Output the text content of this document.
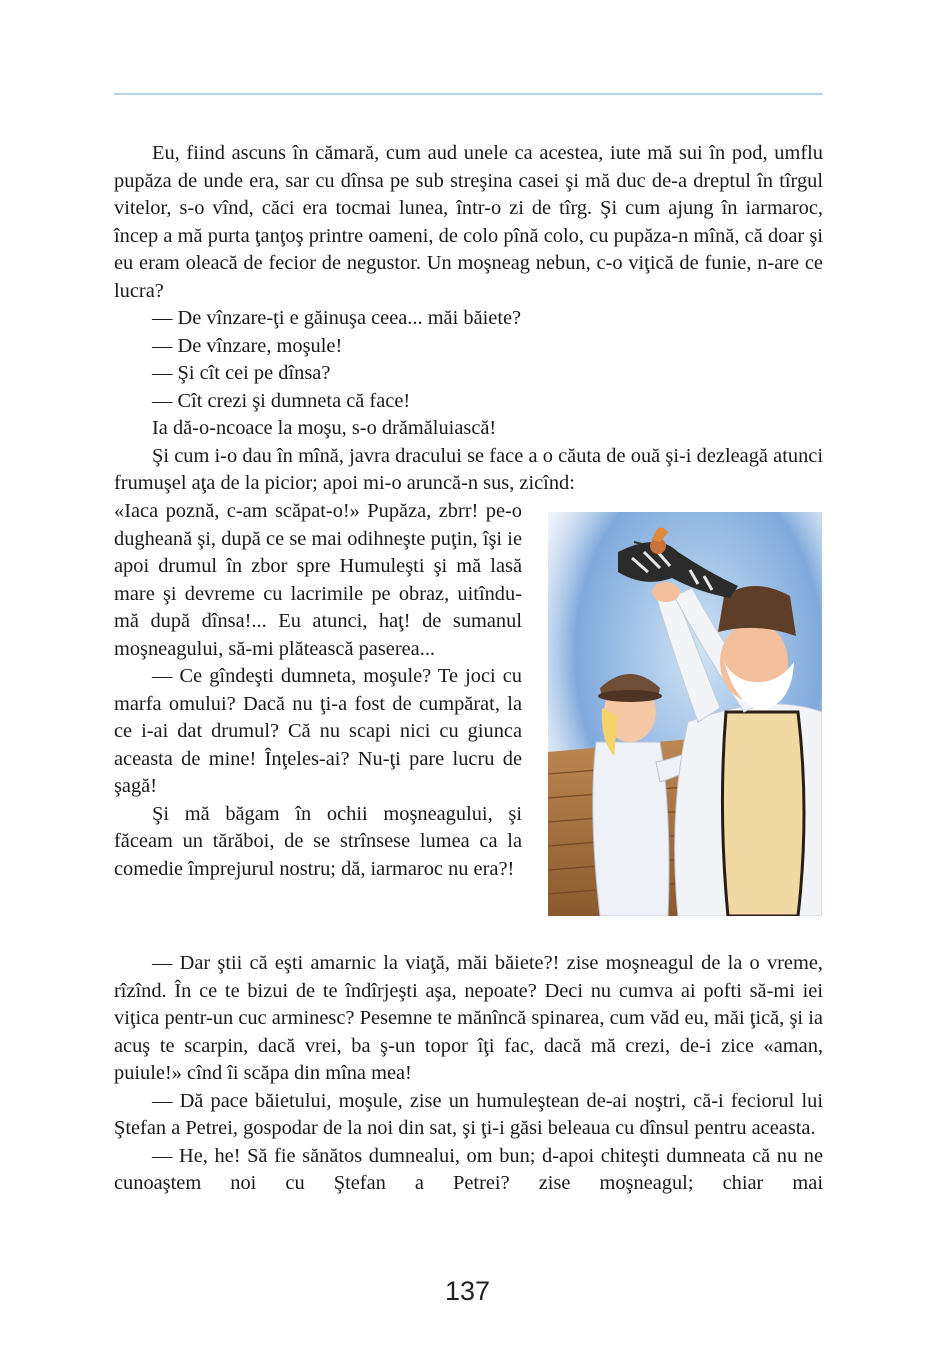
Eu, fiind ascuns în cămară, cum aud unele ca acestea, iute mă sui în pod, umflu pupăza de unde era, sar cu dînsa pe sub streşina casei şi mă duc de-a dreptul în tîrgul vitelor, s-o vînd, căci era tocmai lunea, într-o zi de tîrg. Şi cum ajung în iarmaroc, încep a mă purta ţanţoş printre oameni, de colo pînă colo, cu pupăza-n mînă, că doar şi eu eram oleacă de fecior de negustor. Un moşneag nebun, c-o viţică de funie, n-are ce lucra?

— De vînzare-ţi e găinuşa ceea... măi băiete?

— De vînzare, moşule!

— Şi cît cei pe dînsa?

— Cît crezi şi dumneta că face!

Ia dă-o-ncoace la moşu, s-o drămăluiască!

Şi cum i-o dau în mînă, javra dracului se face a o căuta de ouă şi-i dezleagă atunci frumuşel aţa de la picior; apoi mi-o aruncă-n sus, zicînd:

«Iaca poznă, c-am scăpat-o!» Pupăza, zbrr! pe-o dugheană şi, după ce se mai odihneşte puţin, îşi ie apoi drumul în zbor spre Humuleşti şi mă lasă mare şi devreme cu lacrimile pe obraz, uitîndu-mă după dînsa!... Eu atunci, haţ! de sumanul moşneagului, să-mi plătească paserea...

— Ce gîndeşti dumneta, moşule? Te joci cu marfa omului? Dacă nu ţi-a fost de cumpărat, la ce i-ai dat drumul? Că nu scapi nici cu giunca aceasta de mine! Înţeles-ai? Nu-ţi pare lucru de şagă!

Şi mă băgam în ochii moşneagului, şi făceam un tărăboi, de se strînsese lumea ca la comedie împrejurul nostru; dă, iarmaroc nu era?!

— Dar ştii că eşti amarnic la viaţă, măi băiete?! zise moşneagul de la o vreme, rîzînd. În ce te bizui de te îndîrjeşti aşa, nepoate? Deci nu cumva ai pofti să-mi iei viţica pentr-un cuc arminesc? Pesemne te mănîncă spinarea, cum văd eu, măi ţică, şi ia acuş te scarpin, dacă vrei, ba ş-un topor îţi fac, dacă mă crezi, de-i zice «aman, puiule!» cînd îi scăpa din mîna mea!

— Dă pace băietului, moşule, zise un humuleştean de-ai noştri, că-i feciorul lui Ştefan a Petrei, gospodar de la noi din sat, şi ţi-i găsi beleaua cu dînsul pentru aceasta.

— He, he! Să fie sănătos dumnealui, om bun; d-apoi chiteşti dumneata că nu ne cunoaştem noi cu Ştefan a Petrei? zise moşneagul; chiar mai

137
